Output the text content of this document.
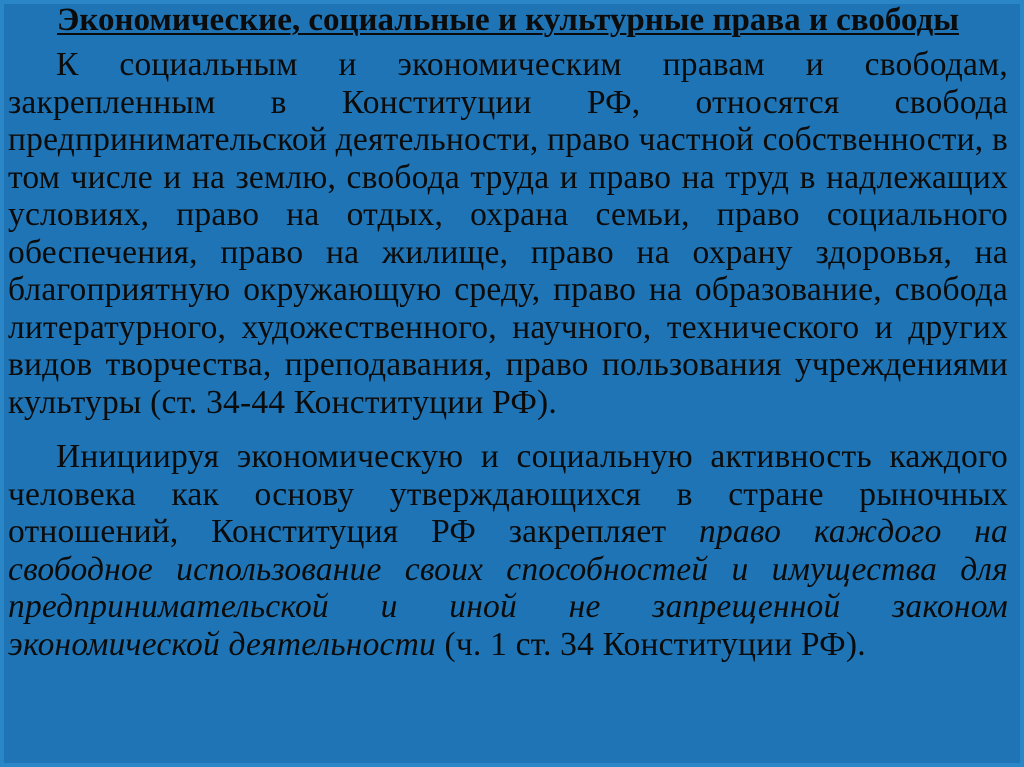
Экономические, социальные и культурные права и свободы

К социальным и экономическим правам и свободам, закрепленным в Конституции РФ, относятся свобода предпринимательской деятельности, право частной собственности, в том числе и на землю, свобода труда и право на труд в надлежащих условиях, право на отдых, охрана семьи, право социального обеспечения, право на жилище, право на охрану здоровья, на благоприятную окружающую среду, право на образование, свобода литературного, художественного, научного, технического и других видов творчества, преподавания, право пользования учреждениями культуры (ст. 34-44 Конституции РФ).

Инициируя экономическую и социальную активность каждого человека как основу утверждающихся в стране рыночных отношений, Конституция РФ закрепляет право каждого на свободное использование своих способностей и имущества для предпринимательской и иной не запрещенной законом экономической деятельности (ч. 1 ст. 34 Конституции РФ).
